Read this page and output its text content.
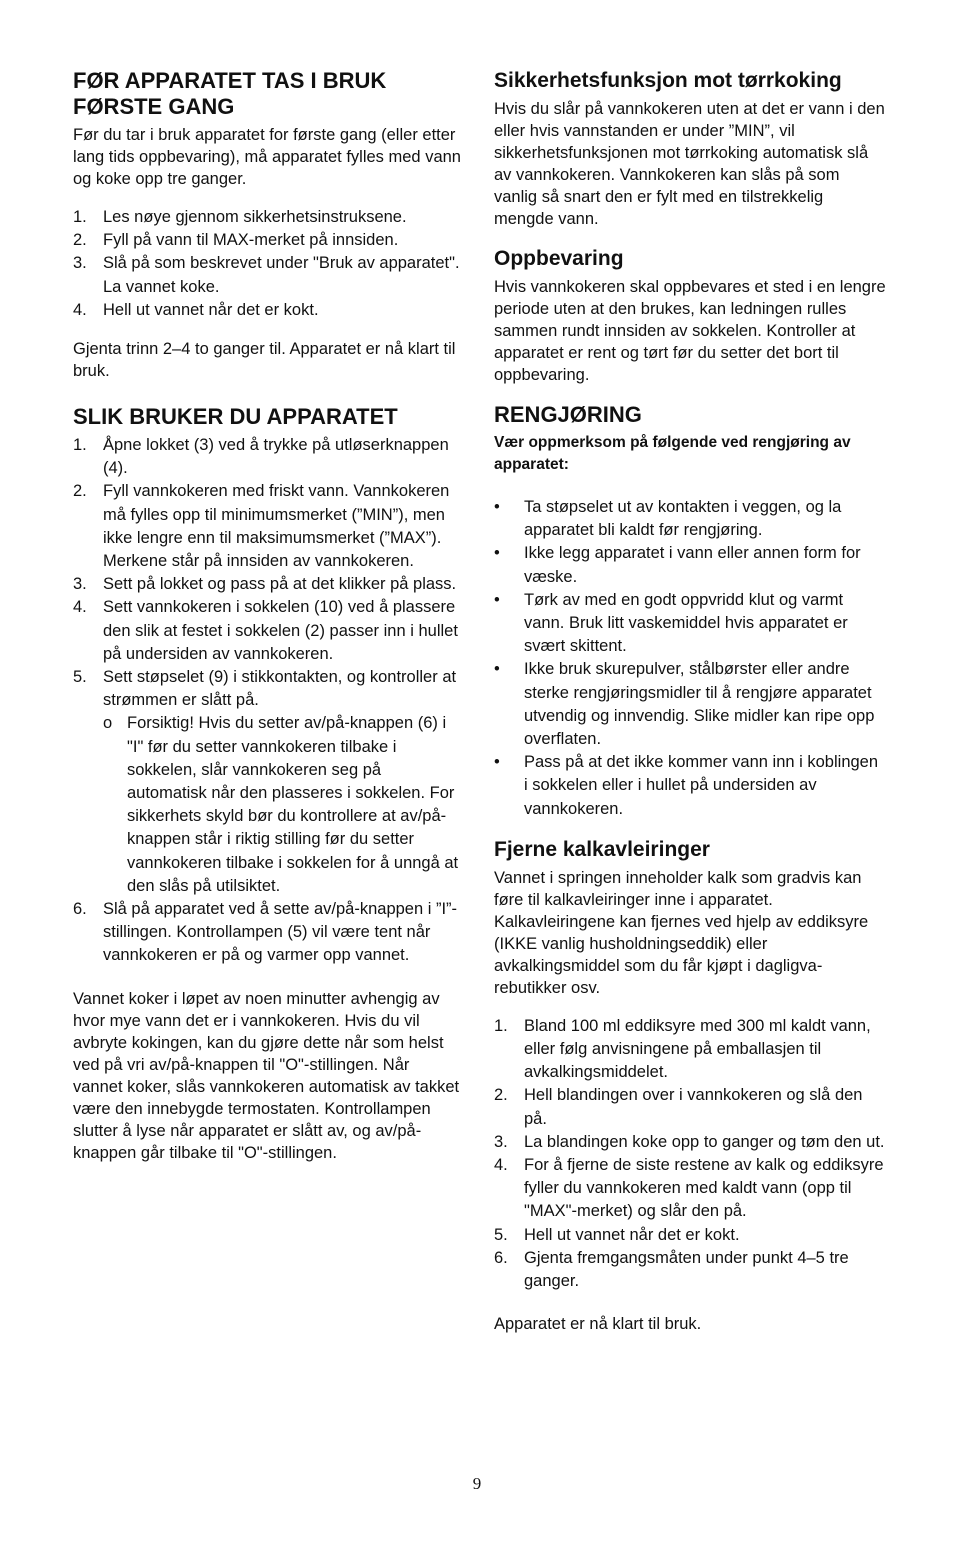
FØR APPARATET TAS I BRUK FØRSTE GANG

Før du tar i bruk apparatet for første gang (eller etter lang tids oppbevaring), må apparatet fylles med vann og koke opp tre ganger.

1. Les nøye gjennom sikkerhetsinstruksene.
2. Fyll på vann til MAX-merket på innsiden.
3. Slå på som beskrevet under "Bruk av apparatet". La vannet koke.
4. Hell ut vannet når det er kokt.

Gjenta trinn 2–4 to ganger til. Apparatet er nå klart til bruk.

SLIK BRUKER DU APPARATET
1. Åpne lokket (3) ved å trykke på utløserknappen (4).
2. Fyll vannkokeren med friskt vann. Vannkokeren må fylles opp til minimumsmerket (”MIN”), men ikke lengre enn til maksimumsmerket (”MAX”). Merkene står på innsiden av vannkokeren.
3. Sett på lokket og pass på at det klikker på plass.
4. Sett vannkokeren i sokkelen (10) ved å plassere den slik at festet i sokkelen (2) passer inn i hullet på undersiden av vannkokeren.
5. Sett støpselet (9) i stikkontakten, og kontroller at strømmen er slått på.
o Forsiktig! Hvis du setter av/på-knappen (6) i "I" før du setter vannkokeren tilbake i sokkelen, slår vannkokeren seg på automatisk når den plasseres i sokkelen. For sikkerhets skyld bør du kontrollere at av/på-knappen står i riktig stilling før du setter vannkokeren tilbake i sokkelen for å unngå at den slås på utilsiktet.
6. Slå på apparatet ved å sette av/på-knappen i ”I”-stillingen. Kontrollampen (5) vil være tent når vannkokeren er på og varmer opp vannet.

Vannet koker i løpet av noen minutter avhengig av hvor mye vann det er i vannkokeren. Hvis du vil avbryte kokingen, kan du gjøre dette når som helst ved på vri av/på-knappen til "O"-stillingen. Når vannet koker, slås vannkokeren automatisk av takket være den innebygde termostaten. Kontrollampen slutter å lyse når apparatet er slått av, og av/på-knappen går tilbake til "O"-stillingen.

Sikkerhetsfunksjon mot tørrkoking

Hvis du slår på vannkokeren uten at det er vann i den eller hvis vannstanden er under ”MIN”, vil sikkerhetsfunksjonen mot tørrkoking automatisk slå av vannkokeren. Vannkokeren kan slås på som vanlig så snart den er fylt med en tilstrekkelig mengde vann.

Oppbevaring

Hvis vannkokeren skal oppbevares et sted i en lengre periode uten at den brukes, kan ledningen rulles sammen rundt innsiden av sokkelen. Kontroller at apparatet er rent og tørt før du setter det bort til oppbevaring.

RENGJØRING

Vær oppmerksom på følgende ved rengjøring av apparatet:

• Ta støpselet ut av kontakten i veggen, og la apparatet bli kaldt før rengjøring.
• Ikke legg apparatet i vann eller annen form for væske.
• Tørk av med en godt oppvridd klut og varmt vann. Bruk litt vaskemiddel hvis apparatet er svært skittent.
• Ikke bruk skurepulver, stålbørster eller andre sterke rengjøringsmidler til å rengjøre apparatet utvendig og innvendig. Slike midler kan ripe opp overflaten.
• Pass på at det ikke kommer vann inn i koblingen i sokkelen eller i hullet på undersiden av vannkokeren.
Fjerne kalkavleiringer

Vannet i springen inneholder kalk som gradvis kan føre til kalkavleiringer inne i apparatet. Kalkavleiringene kan fjernes ved hjelp av eddiksyre (IKKE vanlig husholdningseddik) eller avkalkingsmiddel som du får kjøpt i dagligvarebutikker osv.

1. Bland 100 ml eddiksyre med 300 ml kaldt vann, eller følg anvisningene på emballasjen til avkalkingsmiddelet.
2. Hell blandingen over i vannkokeren og slå den på.
3. La blandingen koke opp to ganger og tøm den ut.
4. For å fjerne de siste restene av kalk og eddiksyre fyller du vannkokeren med kaldt vann (opp til "MAX"-merket) og slår den på.
5. Hell ut vannet når det er kokt.
6. Gjenta fremgangsmåten under punkt 4–5 tre ganger.

Apparatet er nå klart til bruk.

9
